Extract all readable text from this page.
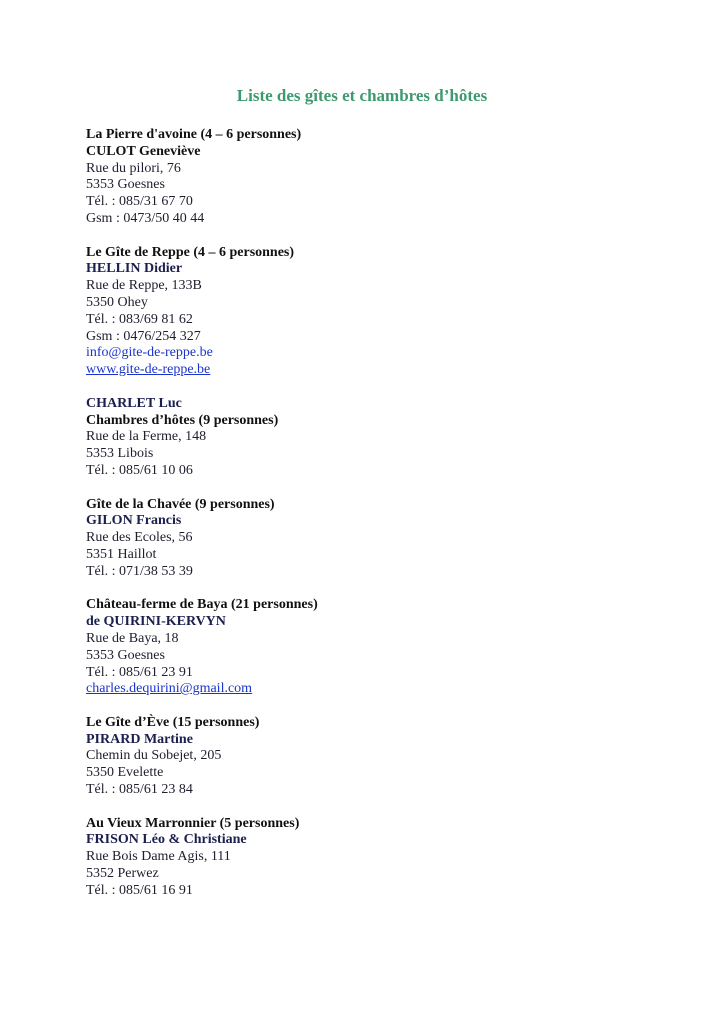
Liste des gîtes et chambres d’hôtes
La Pierre d'avoine (4 – 6 personnes)
CULOT Geneviève
Rue du pilori, 76
5353 Goesnes
Tél. : 085/31 67 70
Gsm : 0473/50 40 44
Le Gîte de Reppe (4 – 6 personnes)
HELLIN Didier
Rue de Reppe, 133B
5350 Ohey
Tél. : 083/69 81 62
Gsm : 0476/254 327
info@gite-de-reppe.be
www.gite-de-reppe.be
CHARLET Luc
Chambres d’hôtes (9 personnes)
Rue de la Ferme, 148
5353 Libois
Tél. : 085/61 10 06
Gîte de la Chavée (9 personnes)
GILON Francis
Rue des Ecoles, 56
5351 Haillot
Tél. : 071/38 53 39
Château-ferme de Baya (21 personnes)
de QUIRINI-KERVYN
Rue de Baya, 18
5353 Goesnes
Tél. : 085/61 23 91
charles.dequirini@gmail.com
Le Gîte d’Ève (15 personnes)
PIRARD Martine
Chemin du Sobejet, 205
5350 Evelette
Tél. : 085/61 23 84
Au Vieux Marronnier (5 personnes)
FRISON Léo & Christiane
Rue Bois Dame Agis, 111
5352 Perwez
Tél. : 085/61 16 91
